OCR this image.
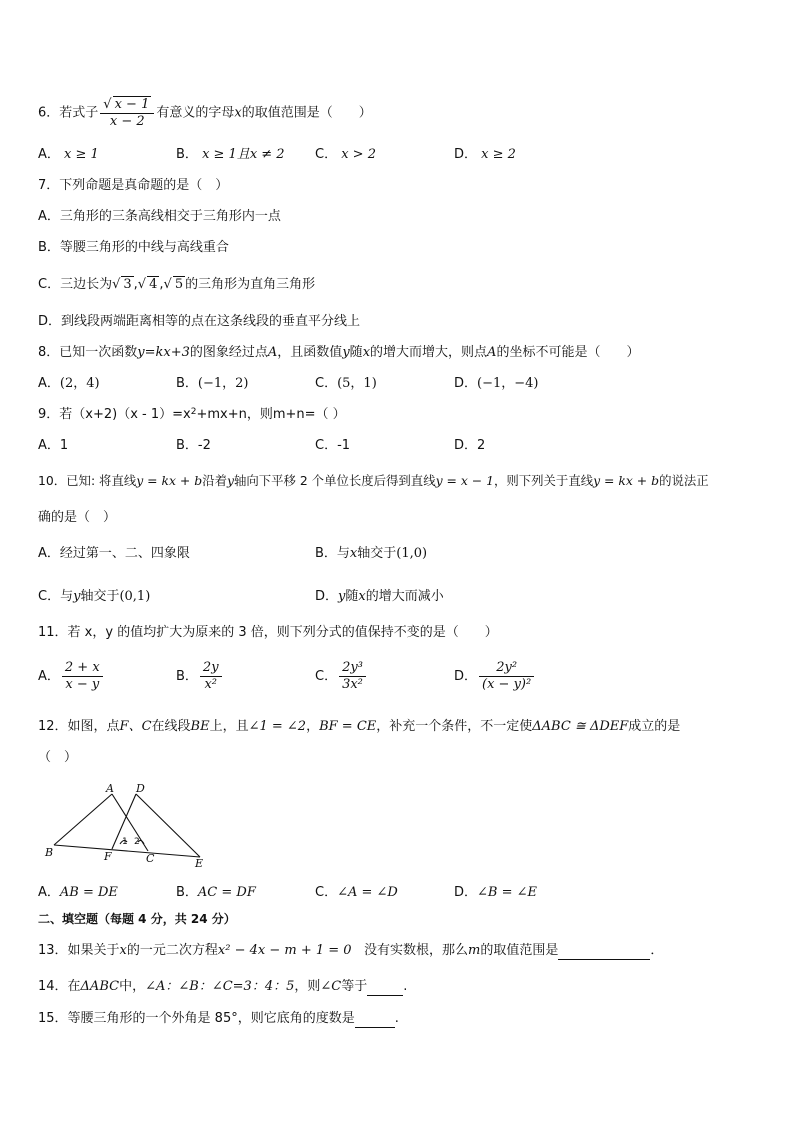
6．若式子 $\frac{√ x - 1}{x - 2}$ 有意义的字母x的取值范围是（　　）
A． x ≥ 1	B． x ≥ 1且x ≠ 2 C． x > 2	D． x ≥ 2
7．下列命题是真命题的是（　）
A．三角形的三条高线相交于三角形内一点
B．等腰三角形的中线与高线重合
C．三边长为√ 3 ,√ 4 ,√ 5 的三角形为直角三角形
D．到线段两端距离相等的点在这条线段的垂直平分线上
8．已知一次函数y=kx+3的图象经过点A，且函数值y随x的增大而增大，则点A的坐标不可能是（　　）
A．(2，4)	B．(−1，2)	C．(5，1)	D．(−1，−4)
9．若$(x+2)(x - 1)=x^2+mx+n$，则m+n=（ ）
A．1	B．-2	C．-1	D．2
10．已知: 将直线y = kx + b沿着y轴向下平移 2 个单位长度后得到直线y = x − 1，则下列关于直线y = kx + b的说法正
确的是（　）
A．经过第一、二、四象限	B．与x轴交于(1,0)
C．与y轴交于(0,1)	D．y随x的增大而减小
11．若 x，y 的值均扩大为原来的 3 倍，则下列分式的值保持不变的是（　　）
A． $\frac{2 + x}{x - y}$	B． $\frac{2y}{\text{x²}}$	C． $\frac{\text{2y³}}{\text{3x²}}$	D． $\frac{\text{2y²}}{\text{(x − y)²}}$
12．如图，点F、C在线段BE上，且∠1 = ∠2，BF = CE，补充一个条件，不一定使ΔABC ≅ ΔDEF成立的是
（　）
A D
B	F	C	E
1 2
A．AB = DE	B．AC = DF	C．∠A = ∠D	D．∠B = ∠E
二、填空题（每题 4 分，共 24 分）
13．如果关于x的一元二次方程x² − 4x − m + 1 = 0 没有实数根，那么m的取值范围是	．
14．在ΔABC中，∠A：∠B：∠C=3：4：5，则∠C等于	.
15．等腰三角形的一个外角是 85°，则它底角的度数是	.
